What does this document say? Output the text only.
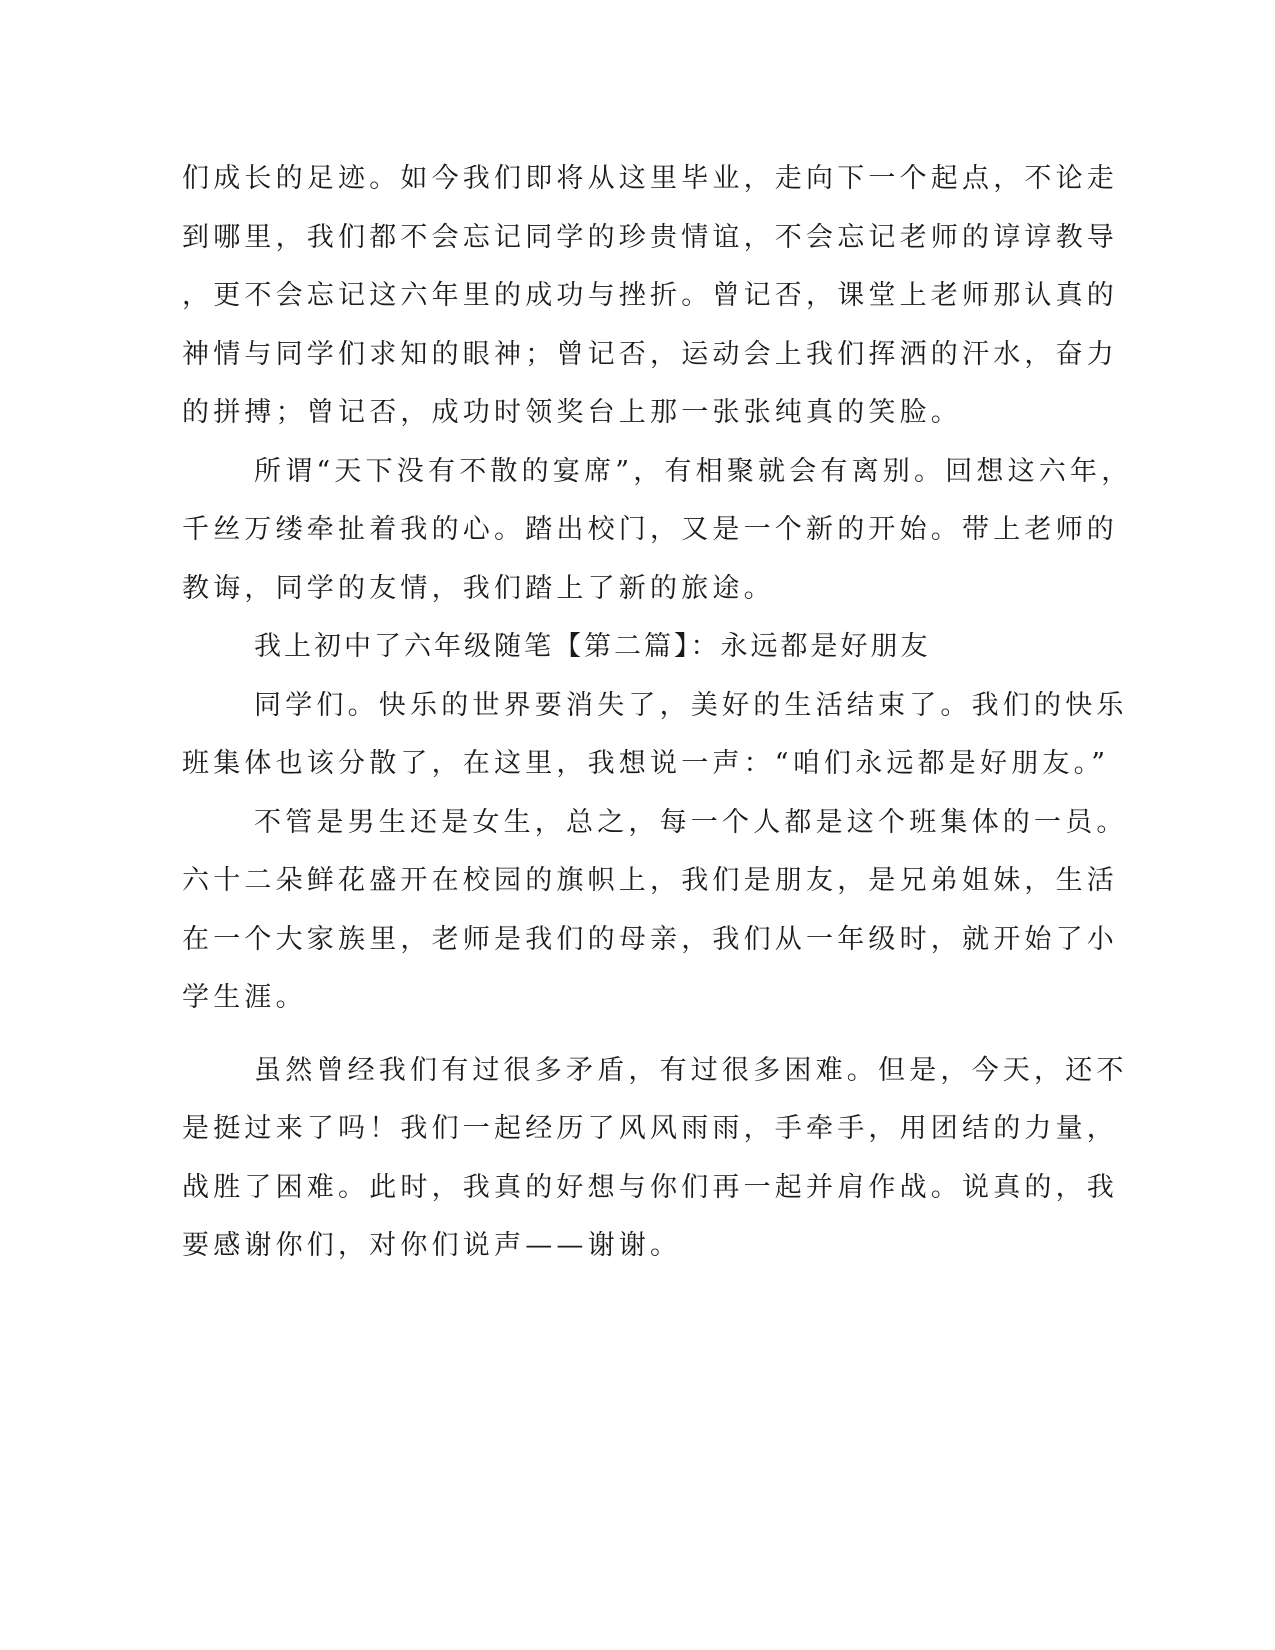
们成长的足迹。如今我们即将从这里毕业，走向下一个起点，不论走
到哪里，我们都不会忘记同学的珍贵情谊，不会忘记老师的谆谆教导
，更不会忘记这六年里的成功与挫折。曾记否，课堂上老师那认真的
神情与同学们求知的眼神；曾记否，运动会上我们挥洒的汗水，奋力
的拼搏；曾记否，成功时领奖台上那一张张纯真的笑脸。
所谓“天下没有不散的宴席”，有相聚就会有离别。回想这六年，
千丝万缕牵扯着我的心。踏出校门，又是一个新的开始。带上老师的
教诲，同学的友情，我们踏上了新的旅途。
我上初中了六年级随笔【第二篇】：永远都是好朋友
同学们。快乐的世界要消失了，美好的生活结束了。我们的快乐
班集体也该分散了，在这里，我想说一声：“咱们永远都是好朋友。”
不管是男生还是女生，总之，每一个人都是这个班集体的一员。
六十二朵鲜花盛开在校园的旗帜上，我们是朋友，是兄弟姐妹，生活
在一个大家族里，老师是我们的母亲，我们从一年级时，就开始了小
学生涯。
虽然曾经我们有过很多矛盾，有过很多困难。但是，今天，还不
是挺过来了吗！我们一起经历了风风雨雨，手牵手，用团结的力量，
战胜了困难。此时，我真的好想与你们再一起并肩作战。说真的，我
要感谢你们，对你们说声——谢谢。
